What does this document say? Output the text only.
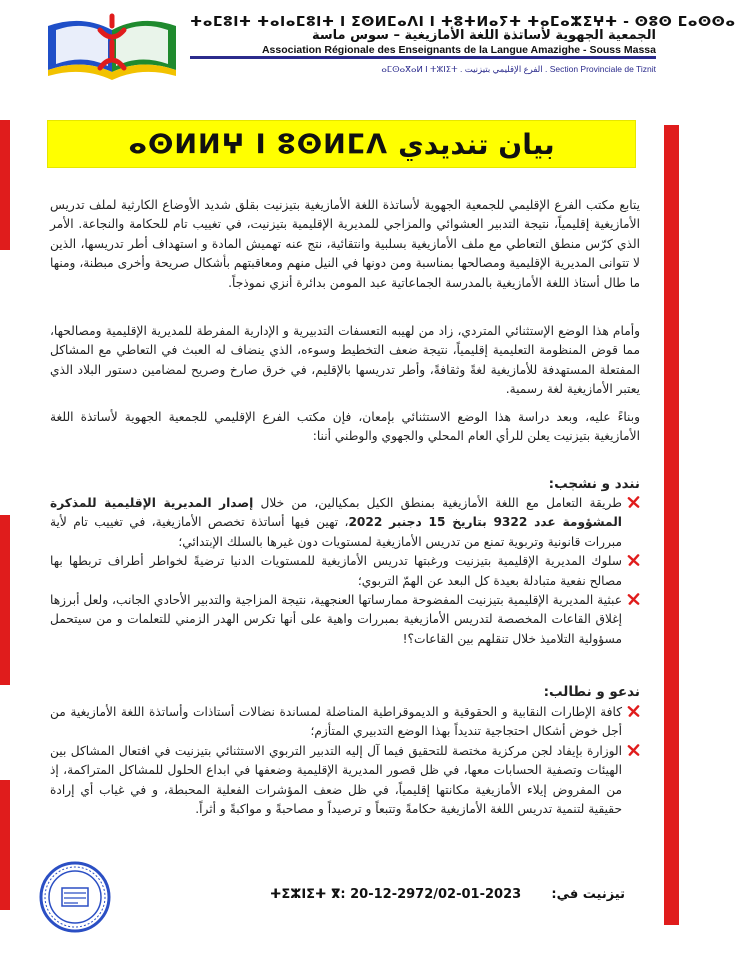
ⵜⴰⵎⵓⵏⵜ ⵜⴰⵏⴰⵎⵓⵏⵜ ⵏ ⵉⵙⵍⵎⴰⴷⵏ ⵏ ⵜⵓⵜⵍⴰⵢⵜ ⵜⴰⵎⴰⵣⵉⵖⵜ - ⵙⵓⵙ ⵎⴰⵙⵙⴰ
الجمعية الجهوية لأساتذة اللغة الأمازيغية – سوس ماسة
Association Régionale des Enseignants de la Langue Amazighe - Souss Massa
ⴰⵎⵙⴰⴳⴰⵍ ⵏ ⵜⵣⵏⵉⵜ . الفرع الإقليمي بتيزنيت . Section Provinciale de Tiznit
ⴰⵙⵍⵍⵖ ⵏ ⵓⵙⵍⵎⴷ بيان تنديدي
يتابع مكتب الفرع الإقليمي للجمعية الجهوية لأساتذة اللغة الأمازيغية بتيزنيت بقلق شديد الأوضاع الكارثية لملف تدريس الأمازيغية إقليمياً، نتيجة التدبير العشوائي والمزاجي للمديرية الإقليمية بتيزنيت، في تغييب تام للحكامة والنجاعة. الأمر الذي كرّس منطق التعاطي مع ملف الأمازيغية بسلبية وانتقائية، نتج عنه تهميش المادة و استهداف أطر تدريسها، الذين لا تتوانى المديرية الإقليمية ومصالحها بمناسبة ومن دونها في النيل منهم ومعاقبتهم بأشكال صريحة وأخرى مبطنة، ومنها ما طال أستاذ اللغة الأمازيغية بالمدرسة الجماعاتية عبد المومن بدائرة أنزي نموذجاً.
وأمام هذا الوضع الإستثنائي المتردي، زاد من لهيبه التعسفات التدبيرية و الإدارية المفرطة للمديرية الإقليمية ومصالحها، مما قوض المنظومة التعليمية إقليمياً، نتيجة ضعف التخطيط وسوءه، الذي ينضاف له العبث في التعاطي مع المشاكل المفتعلة المستهدفة للأمازيغية لغةً وثقافةً، وأطر تدريسها بالإقليم، في خرق صارخ وصريح لمضامين دستور البلاد الذي يعتبر الأمازيغية لغة رسمية.
وبناءً عليه، وبعد دراسة هذا الوضع الاستثنائي بإمعان، فإن مكتب الفرع الإقليمي للجمعية الجهوية لأساتذة اللغة الأمازيغية بتيزنيت يعلن للرأي العام المحلي والجهوي والوطني أننا:
نندد و نشجب:
طريقة التعامل مع اللغة الأمازيغية بمنطق الكيل بمكيالين، من خلال إصدار المديرية الإقليمية للمذكرة المشؤومة عدد 9322 بتاريخ 15 دجنبر 2022، تهين فيها أساتذة تخصص الأمازيغية، في تغييب تام لأية مبررات قانونية وتربوية تمنع من تدريس الأمازيغية لمستويات دون غيرها بالسلك الإبتدائي؛
سلوك المديرية الإقليمية بتيزنيت ورغبتها تدريس الأمازيغية للمستويات الدنيا ترضيةً لخواطر أطراف تربطها بها مصالح نفعية متبادلة بعيدة كل البعد عن الهمّ التربوي؛
عبثية المديرية الإقليمية بتيزنيت المفضوحة ممارساتها العنجهية، نتيجة المزاجية والتدبير الأحادي الجانب، ولعل أبرزها إغلاق القاعات المخصصة لتدريس الأمازيغية بمبررات واهية على أنها تكرس الهدر الزمني للتعلمات و من سيتحمل مسؤولية التلاميذ خلال تنقلهم بين القاعات؟!
ندعو و نطالب:
كافة الإطارات النقابية و الحقوقية و الديموقراطية المناضلة لمساندة نضالات أستاذات وأساتذة اللغة الأمازيغية من أجل خوض أشكال احتجاجية تنديداً بهذا الوضع التدبيري المتأزم؛
الوزارة بإيفاد لجن مركزية مختصة للتحقيق فيما آل إليه التدبير التربوي الاستثنائي بتيزنيت في افتعال المشاكل بين الهيئات وتصفية الحسابات معها، في ظل قصور المديرية الإقليمية وضعفها في ابداع الحلول للمشاكل المتراكمة، إذ من المفروض إيلاء الأمازيغية مكانتها إقليمياً، في ظل ضعف المؤشرات الفعلية المحبطة، و في غياب أي إرادة حقيقية لتنمية تدريس اللغة الأمازيغية حكامةً وتتبعاً و ترصيداً و مصاحبةً و مواكبةً و أثراً.
تيزنيت في:
ⵜⵉⵣⵏⵉⵜ ⴳ: 20-12-2972/02-01-2023
